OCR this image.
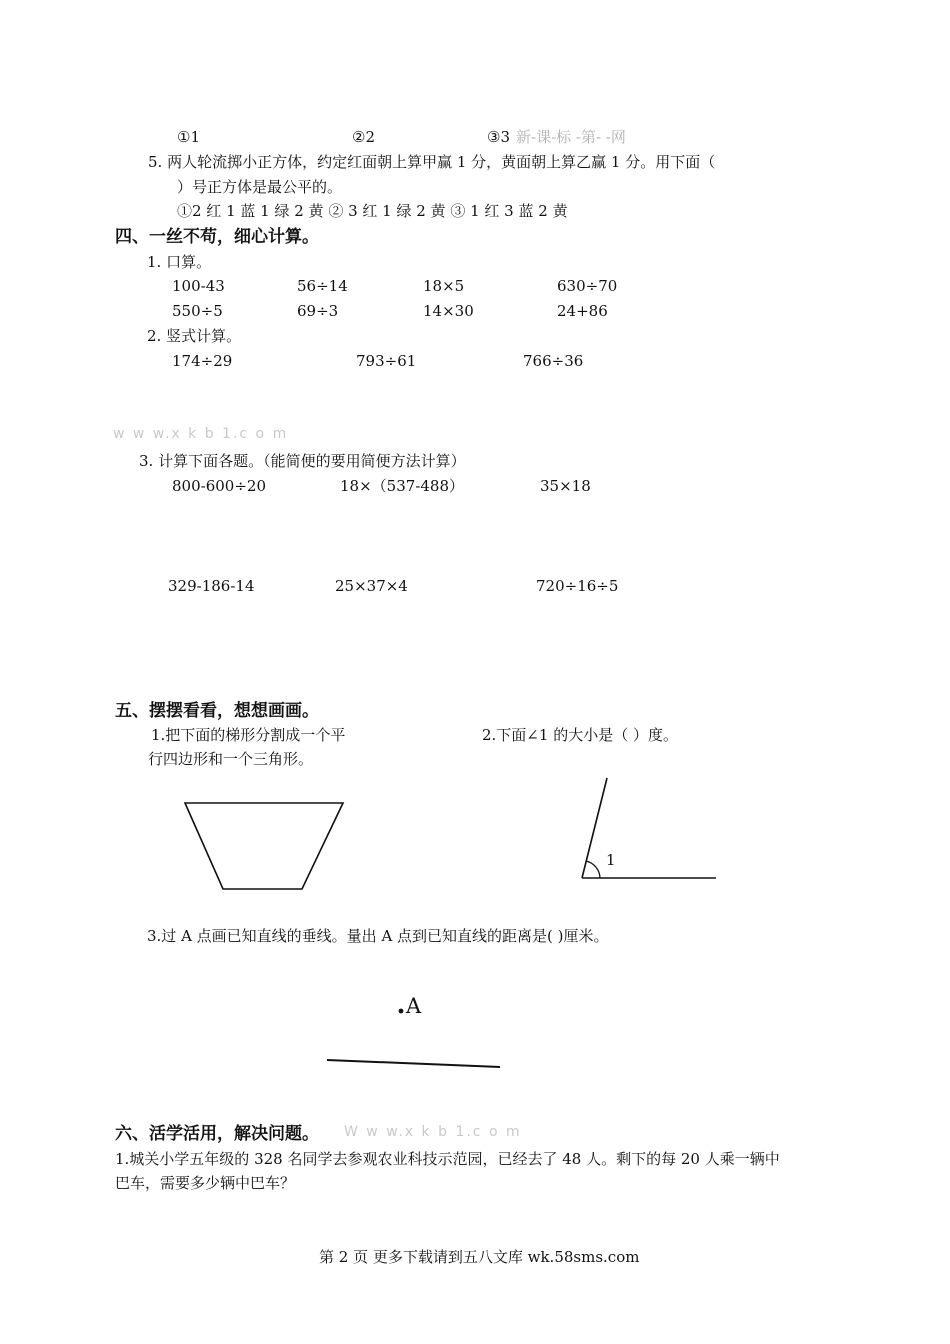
①1	②2	③3 新-课-标 -第- -网
5. 两人轮流掷小正方体，约定红面朝上算甲赢 1 分，黄面朝上算乙赢 1 分。用下面（
）号正方体是最公平的。
①2 红 1 蓝 1 绿 2 黄 ② 3 红 1 绿 2 黄 ③ 1 红 3 蓝 2 黄
四、一丝不苟，细心计算。
1. 口算。
100-43	56÷14	18×5	630÷70
550÷5	69÷3	14×30	24+86
2. 竖式计算。
174÷29	793÷61	766÷36
w w w.x k b 1.c o m
3. 计算下面各题。（能简便的要用简便方法计算）
800-600÷20	18×（537-488）	35×18
329-186-14	25×37×4	720÷16÷5
五、摆摆看看，想想画画。
1.把下面的梯形分割成一个平
行四边形和一个三角形。
2.下面∠1 的大小是（ ）度。
1
3.过 A 点画已知直线的垂线。量出 A 点到已知直线的距离是( )厘米。
A
六、活学活用，解决问题。 W w w.x k b 1.c o m
1.城关小学五年级的 328 名同学去参观农业科技示范园，已经去了 48 人。剩下的每 20 人乘一辆中
巴车，需要多少辆中巴车？
第 2 页 更多下载请到五八文库 wk.58sms.com
